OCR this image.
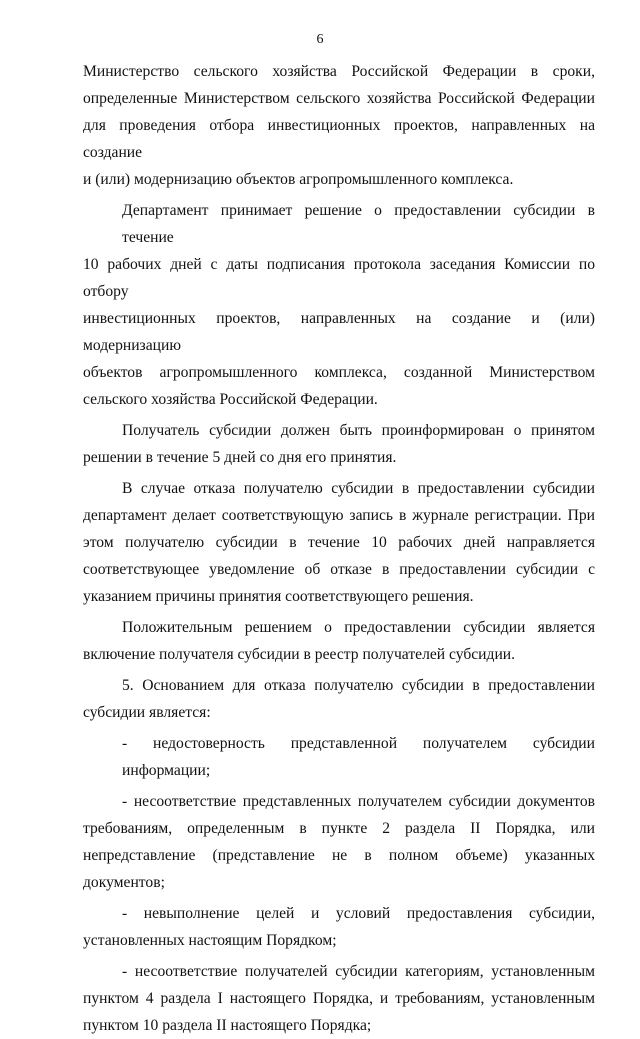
6

Министерство сельского хозяйства Российской Федерации в сроки,
определенные Министерством сельского хозяйства Российской Федерации
для проведения отбора инвестиционных проектов, направленных на создание
и (или) модернизацию объектов агропромышленного комплекса.

Департамент принимает решение о предоставлении субсидии в течение
10 рабочих дней с даты подписания протокола заседания Комиссии по отбору
инвестиционных проектов, направленных на создание и (или) модернизацию
объектов агропромышленного комплекса, созданной Министерством
сельского хозяйства Российской Федерации.

Получатель субсидии должен быть проинформирован о принятом
решении в течение 5 дней со дня его принятия.

В случае отказа получателю субсидии в предоставлении субсидии
департамент делает соответствующую запись в журнале регистрации. При
этом получателю субсидии в течение 10 рабочих дней направляется
соответствующее уведомление об отказе в предоставлении субсидии с
указанием причины принятия соответствующего решения.

Положительным решением о предоставлении субсидии является
включение получателя субсидии в реестр получателей субсидии.

5. Основанием для отказа получателю субсидии в предоставлении
субсидии является:

- недостоверность представленной получателем субсидии информации;

- несоответствие представленных получателем субсидии документов
требованиям, определенным в пункте 2 раздела II Порядка, или
непредставление (представление не в полном объеме) указанных документов;

- невыполнение целей и условий предоставления субсидии,
установленных настоящим Порядком;

- несоответствие получателей субсидии категориям, установленным
пунктом 4 раздела I настоящего Порядка, и требованиям, установленным
пунктом 10 раздела II настоящего Порядка;
